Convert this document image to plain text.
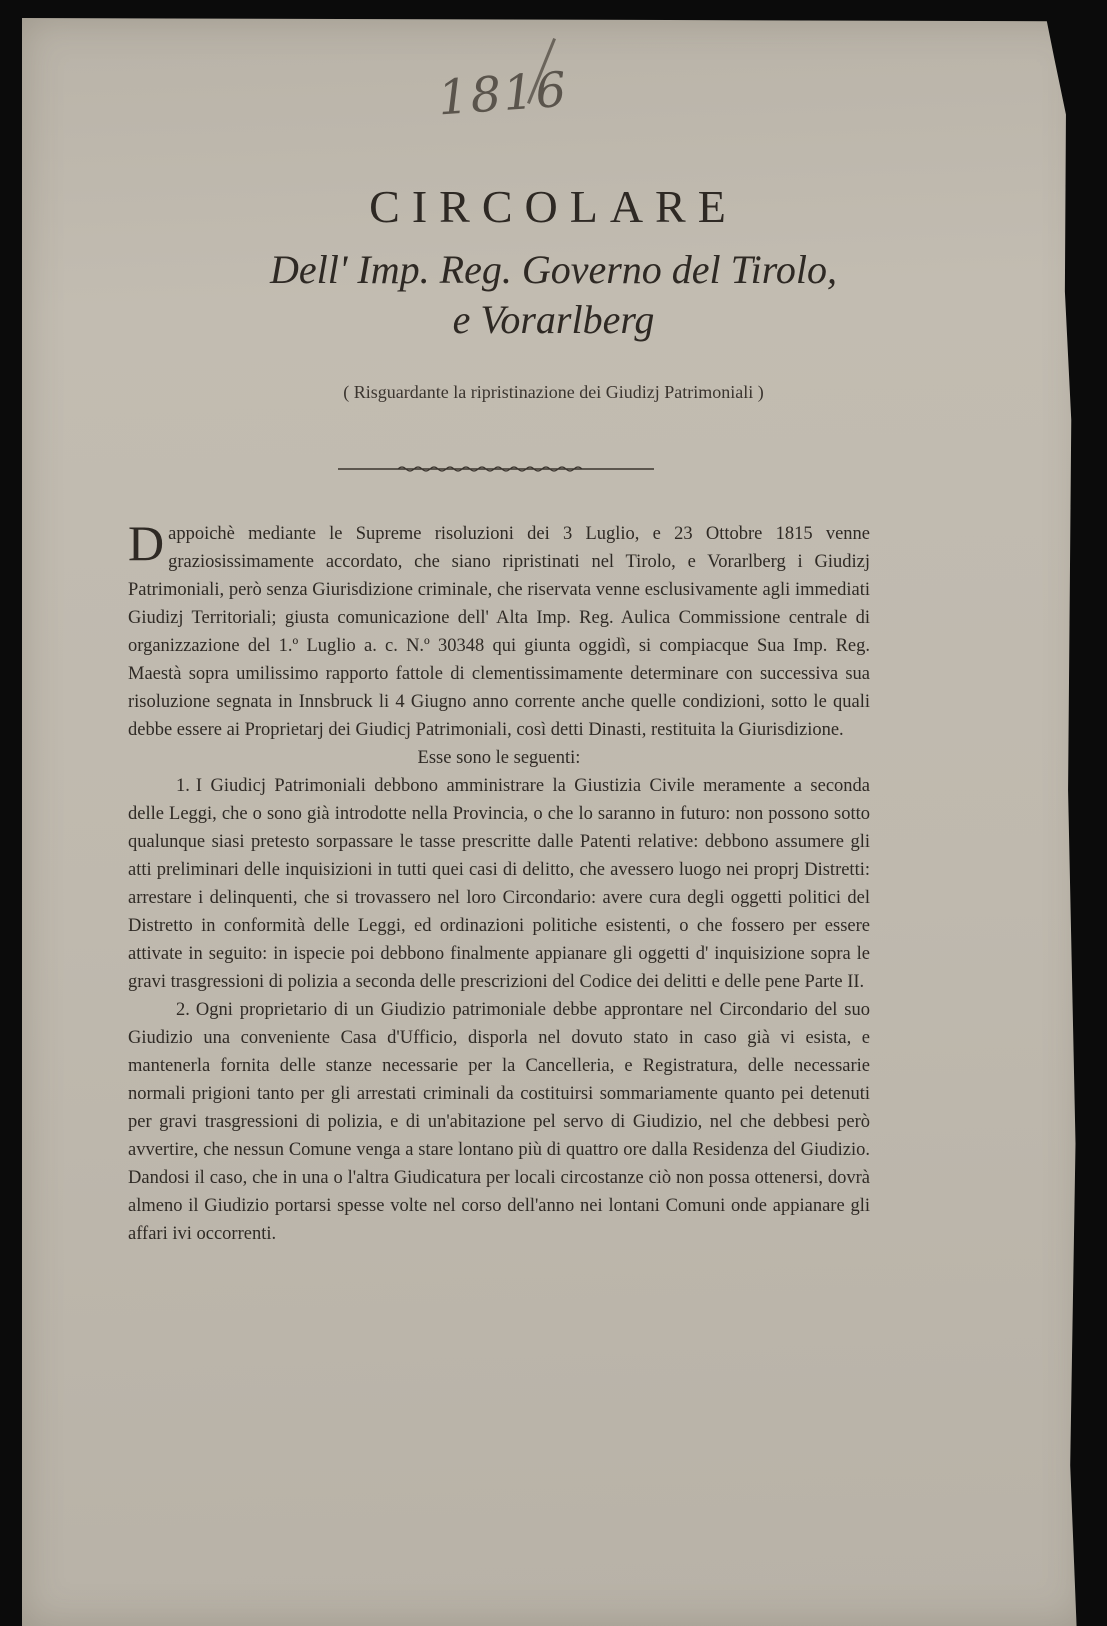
1816
CIRCOLARE
Dell' Imp. Reg. Governo del Tirolo,
e Vorarlberg
( Risguardante la ripristinazione dei Giudizj Patrimoniali )

Dappoichè mediante le Supreme risoluzioni dei 3 Luglio, e 23 Ottobre 1815 venne graziosissimamente accordato, che siano ripristinati nel Tirolo, e Vorarlberg i Giudizj Patrimoniali, però senza Giurisdizione criminale, che riservata venne esclusivamente agli immediati Giudizj Territoriali; giusta comunicazione dell' Alta Imp. Reg. Aulica Commissione centrale di organizzazione del 1.º Luglio a. c. N.º 30348 qui giunta oggidì, si compiacque Sua Imp. Reg. Maestà sopra umilissimo rapporto fattole di clementissimamente determinare con successiva sua risoluzione segnata in Innsbruck li 4 Giugno anno corrente anche quelle condizioni, sotto le quali debbe essere ai Proprietarj dei Giudicj Patrimoniali, così detti Dinasti, restituita la Giurisdizione.

Esse sono le seguenti:

1. I Giudicj Patrimoniali debbono amministrare la Giustizia Civile meramente a seconda delle Leggi, che o sono già introdotte nella Provincia, o che lo saranno in futuro: non possono sotto qualunque siasi pretesto sorpassare le tasse prescritte dalle Patenti relative: debbono assumere gli atti preliminari delle inquisizioni in tutti quei casi di delitto, che avessero luogo nei proprj Distretti: arrestare i delinquenti, che si trovassero nel loro Circondario: avere cura degli oggetti politici del Distretto in conformità delle Leggi, ed ordinazioni politiche esistenti, o che fossero per essere attivate in seguito: in ispecie poi debbono finalmente appianare gli oggetti d' inquisizione sopra le gravi trasgressioni di polizia a seconda delle prescrizioni del Codice dei delitti e delle pene Parte II.

2. Ogni proprietario di un Giudizio patrimoniale debbe approntare nel Circondario del suo Giudizio una conveniente Casa d'Ufficio, disporla nel dovuto stato in caso già vi esista, e mantenerla fornita delle stanze necessarie per la Cancelleria, e Registratura, delle necessarie normali prigioni tanto per gli arrestati criminali da costituirsi sommariamente quanto pei detenuti per gravi trasgressioni di polizia, e di un'abitazione pel servo di Giudizio, nel che debbesi però avvertire, che nessun Comune venga a stare lontano più di quattro ore dalla Residenza del Giudizio. Dandosi il caso, che in una o l'altra Giudicatura per locali circostanze ciò non possa ottenersi, dovrà almeno il Giudizio portarsi spesse volte nel corso dell'anno nei lontani Comuni onde appianare gli affari ivi occorrenti.
